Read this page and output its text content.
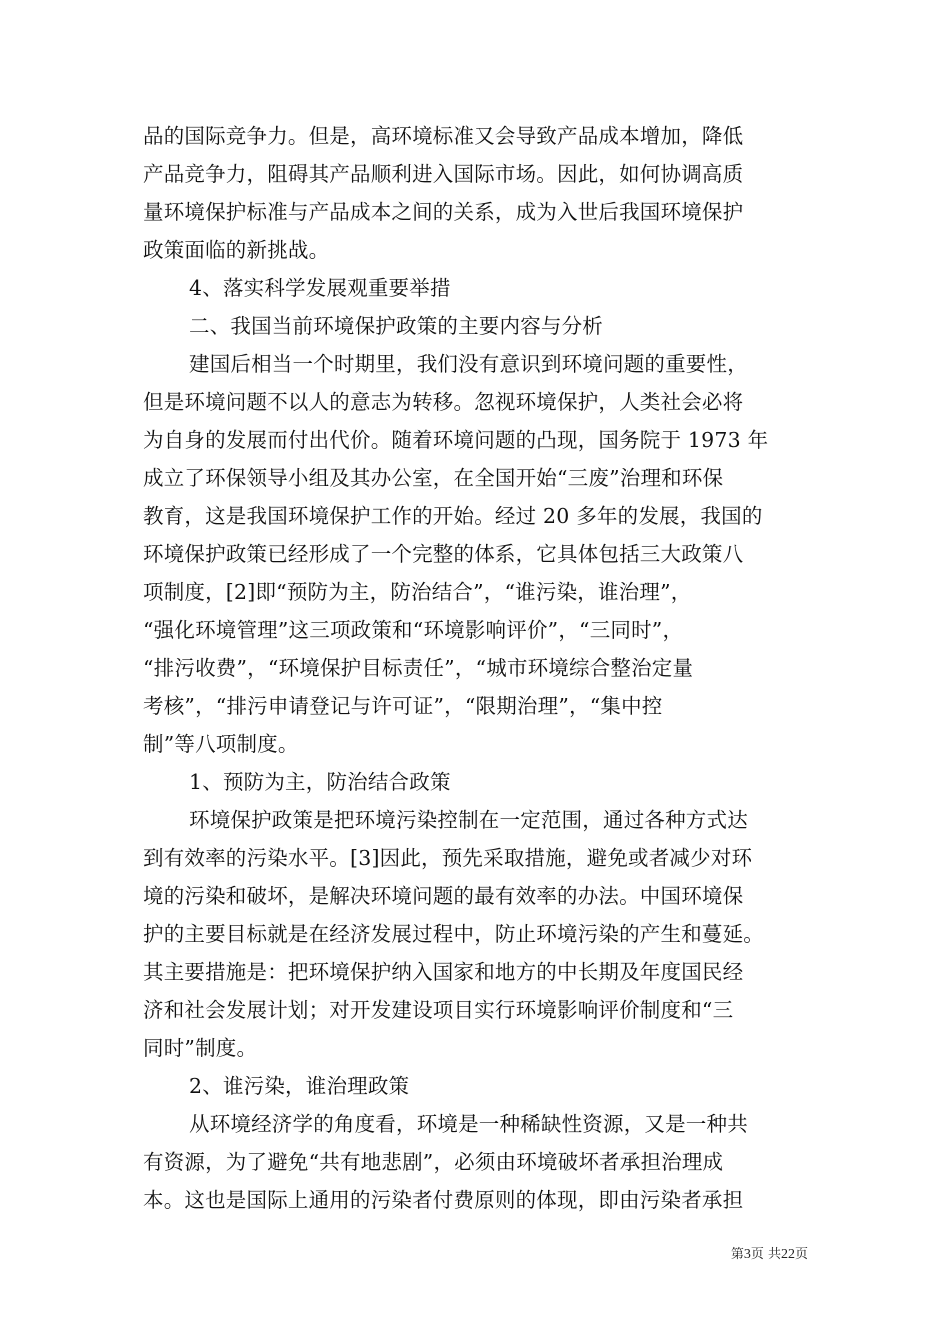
品的国际竞争力。但是，高环境标准又会导致产品成本增加，降低
产品竞争力，阻碍其产品顺利进入国际市场。因此，如何协调高质
量环境保护标准与产品成本之间的关系，成为入世后我国环境保护
政策面临的新挑战。
4、落实科学发展观重要举措
二、我国当前环境保护政策的主要内容与分析
建国后相当一个时期里，我们没有意识到环境问题的重要性，
但是环境问题不以人的意志为转移。忽视环境保护，人类社会必将
为自身的发展而付出代价。随着环境问题的凸现，国务院于 1973 年
成立了环保领导小组及其办公室，在全国开始“三废”治理和环保
教育，这是我国环境保护工作的开始。经过 20 多年的发展，我国的
环境保护政策已经形成了一个完整的体系，它具体包括三大政策八
项制度，[2]即“预防为主，防治结合”，“谁污染，谁治理”，
“强化环境管理”这三项政策和“环境影响评价”，“三同时”，
“排污收费”，“环境保护目标责任”，“城市环境综合整治定量
考核”，“排污申请登记与许可证”，“限期治理”，“集中控
制”等八项制度。
1、预防为主，防治结合政策
环境保护政策是把环境污染控制在一定范围，通过各种方式达
到有效率的污染水平。[3]因此，预先采取措施，避免或者减少对环
境的污染和破坏，是解决环境问题的最有效率的办法。中国环境保
护的主要目标就是在经济发展过程中，防止环境污染的产生和蔓延。
其主要措施是：把环境保护纳入国家和地方的中长期及年度国民经
济和社会发展计划；对开发建设项目实行环境影响评价制度和“三
同时”制度。
2、谁污染，谁治理政策
从环境经济学的角度看，环境是一种稀缺性资源，又是一种共
有资源，为了避免“共有地悲剧”，必须由环境破坏者承担治理成
本。这也是国际上通用的污染者付费原则的体现，即由污染者承担
第3页 共22页
